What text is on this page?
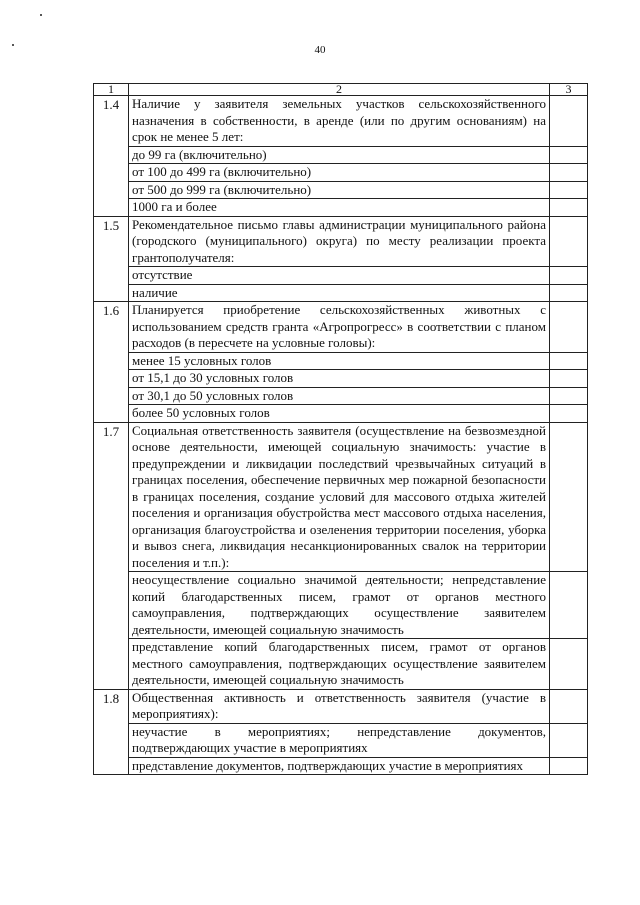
40
1	2	3
1.4	Наличие у заявителя земельных участков сельскохозяйственного назначения в собственности, в аренде (или по другим основаниям) на срок не менее 5 лет:	
	до 99 га (включительно)	
	от 100 до 499 га (включительно)	
	от 500 до 999 га (включительно)	
	1000 га и более	
1.5	Рекомендательное письмо главы администрации муниципального района (городского (муниципального) округа) по месту реализации проекта грантополучателя:	
	отсутствие	
	наличие	
1.6	Планируется приобретение сельскохозяйственных животных с использованием средств гранта «Агропрогресс» в соответствии с планом расходов (в пересчете на условные головы):	
	менее 15 условных голов	
	от 15,1 до 30 условных голов	
	от 30,1 до 50 условных голов	
	более 50 условных голов	
1.7	Социальная ответственность заявителя (осуществление на безвозмездной основе деятельности, имеющей социальную значимость: участие в предупреждении и ликвидации последствий чрезвычайных ситуаций в границах поселения, обеспечение первичных мер пожарной безопасности в границах поселения, создание условий для массового отдыха жителей поселения и организация обустройства мест массового отдыха населения, организация благоустройства и озеленения территории поселения, уборка и вывоз снега, ликвидация несанкционированных свалок на территории поселения и т.п.):	
	неосуществление социально значимой деятельности; непредставление копий благодарственных писем, грамот от органов местного самоуправления, подтверждающих осуществление заявителем деятельности, имеющей социальную значимость	
	представление копий благодарственных писем, грамот от органов местного самоуправления, подтверждающих осуществление заявителем деятельности, имеющей социальную значимость	
1.8	Общественная активность и ответственность заявителя (участие в мероприятиях):	
	неучастие в мероприятиях; непредставление документов, подтверждающих участие в мероприятиях	
	представление документов, подтверждающих участие в мероприятиях	
